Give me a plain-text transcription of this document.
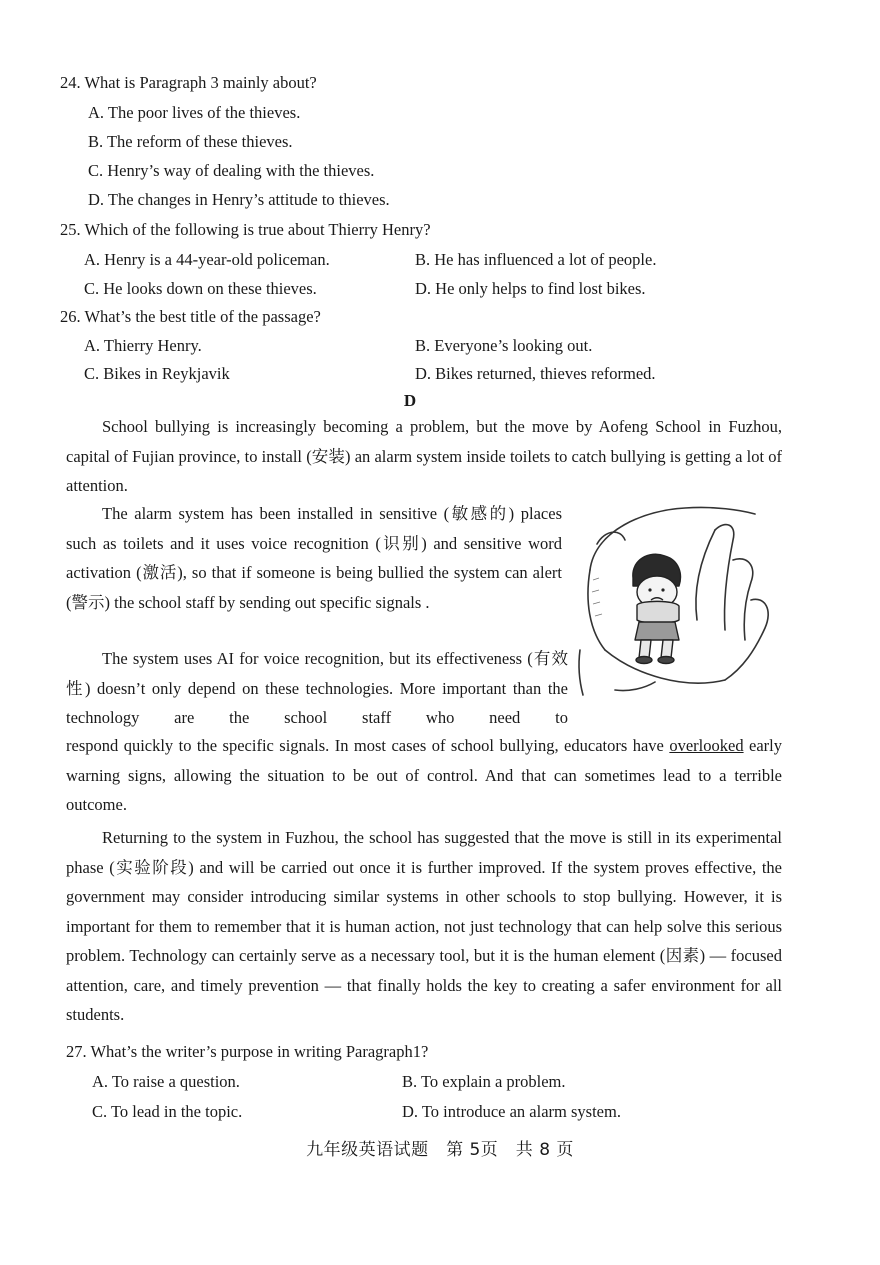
24. What is Paragraph 3 mainly about?
A. The poor lives of the thieves.
B. The reform of these thieves.
C. Henry’s way of dealing with the thieves.
D. The changes in Henry’s attitude to thieves.
25. Which of the following is true about Thierry Henry?
A. Henry is a 44-year-old policeman.	B. He has influenced a lot of people.
C. He looks down on these thieves.	D. He only helps to find lost bikes.
26. What’s the best title of the passage?
A. Thierry Henry.	B. Everyone’s looking out.
C. Bikes in Reykjavik	D. Bikes returned, thieves reformed.
D

School bullying is increasingly becoming a problem, but the move by Aofeng School in Fuzhou, capital of Fujian province, to install (安装) an alarm system inside toilets to catch bullying is getting a lot of attention.

The alarm system has been installed in sensitive (敏感的) places such as toilets and it uses voice recognition (识别) and sensitive word activation (激活), so that if someone is being bullied the system can alert (警示) the school staff by sending out specific signals .

The system uses AI for voice recognition, but its effectiveness (有效性) doesn’t only depend on these technologies. More important than the technology are the school staff who need to

respond quickly to the specific signals. In most cases of school bullying, educators have overlooked early warning signs, allowing the situation to be out of control. And that can sometimes lead to a terrible outcome.

Returning to the system in Fuzhou, the school has suggested that the move is still in its experimental phase (实验阶段) and will be carried out once it is further improved. If the system proves effective, the government may consider introducing similar systems in other schools to stop bullying. However, it is important for them to remember that it is human action, not just technology that can help solve this serious problem. Technology can certainly serve as a necessary tool, but it is the human element (因素) — focused attention, care, and timely prevention — that finally holds the key to creating a safer environment for all students.

27. What’s the writer’s purpose in writing Paragraph1?
A. To raise a question.	B. To explain a problem.
C. To lead in the topic.	D. To introduce an alarm system.
九年级英语试题　第 5页　共 8 页
